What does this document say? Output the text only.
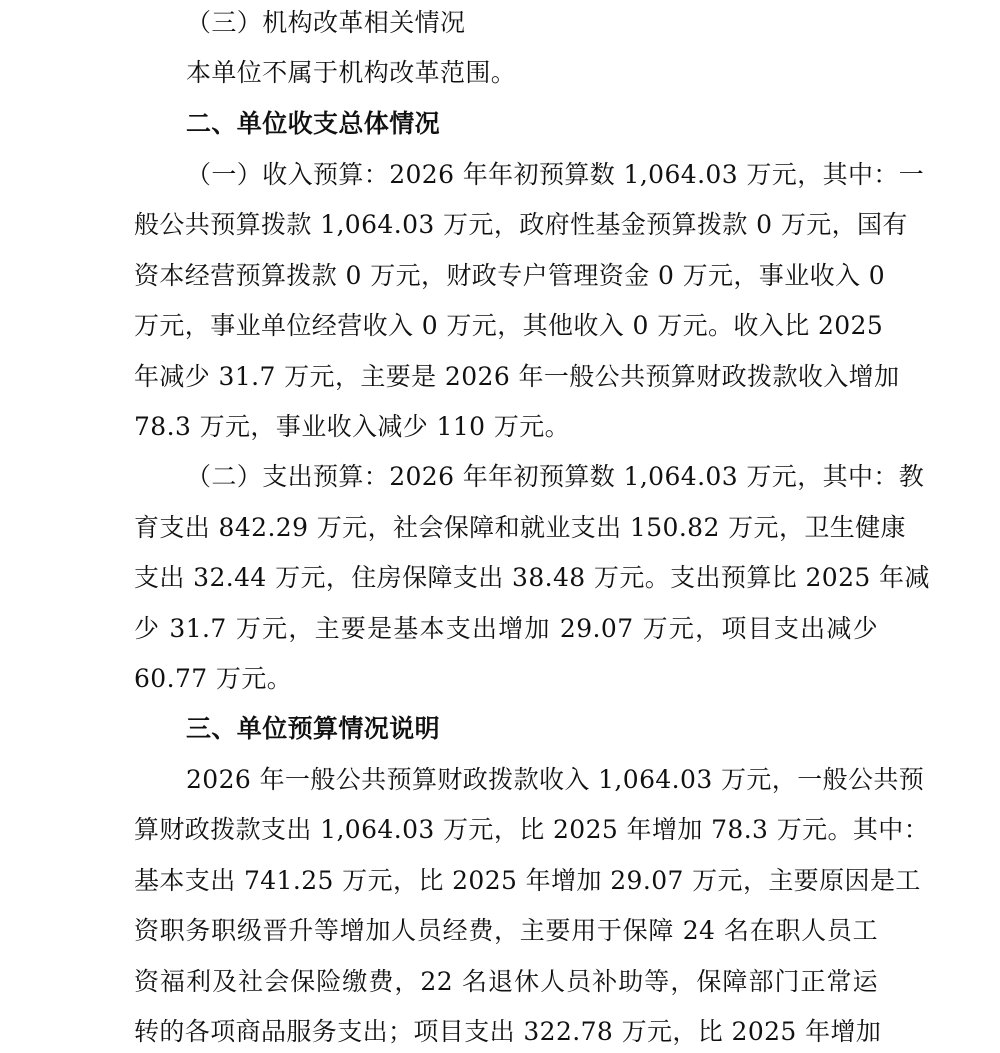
（三）机构改革相关情况
本单位不属于机构改革范围。
二、单位收支总体情况
（一）收入预算：2026 年年初预算数 1,064.03 万元，其中：一
般公共预算拨款 1,064.03 万元，政府性基金预算拨款 0 万元，国有
资本经营预算拨款 0 万元，财政专户管理资金 0 万元，事业收入 0
万元，事业单位经营收入 0 万元，其他收入 0 万元。收入比 2025
年减少 31.7 万元，主要是 2026 年一般公共预算财政拨款收入增加
78.3 万元，事业收入减少 110 万元。
（二）支出预算：2026 年年初预算数 1,064.03 万元，其中：教
育支出 842.29 万元，社会保障和就业支出 150.82 万元，卫生健康
支出 32.44 万元，住房保障支出 38.48 万元。支出预算比 2025 年减
少 31.7 万元，主要是基本支出增加 29.07 万元，项目支出减少
60.77 万元。
三、单位预算情况说明
2026 年一般公共预算财政拨款收入 1,064.03 万元，一般公共预
算财政拨款支出 1,064.03 万元，比 2025 年增加 78.3 万元。其中：
基本支出 741.25 万元，比 2025 年增加 29.07 万元，主要原因是工
资职务职级晋升等增加人员经费，主要用于保障 24 名在职人员工
资福利及社会保险缴费，22 名退休人员补助等，保障部门正常运
转的各项商品服务支出；项目支出 322.78 万元，比 2025 年增加
